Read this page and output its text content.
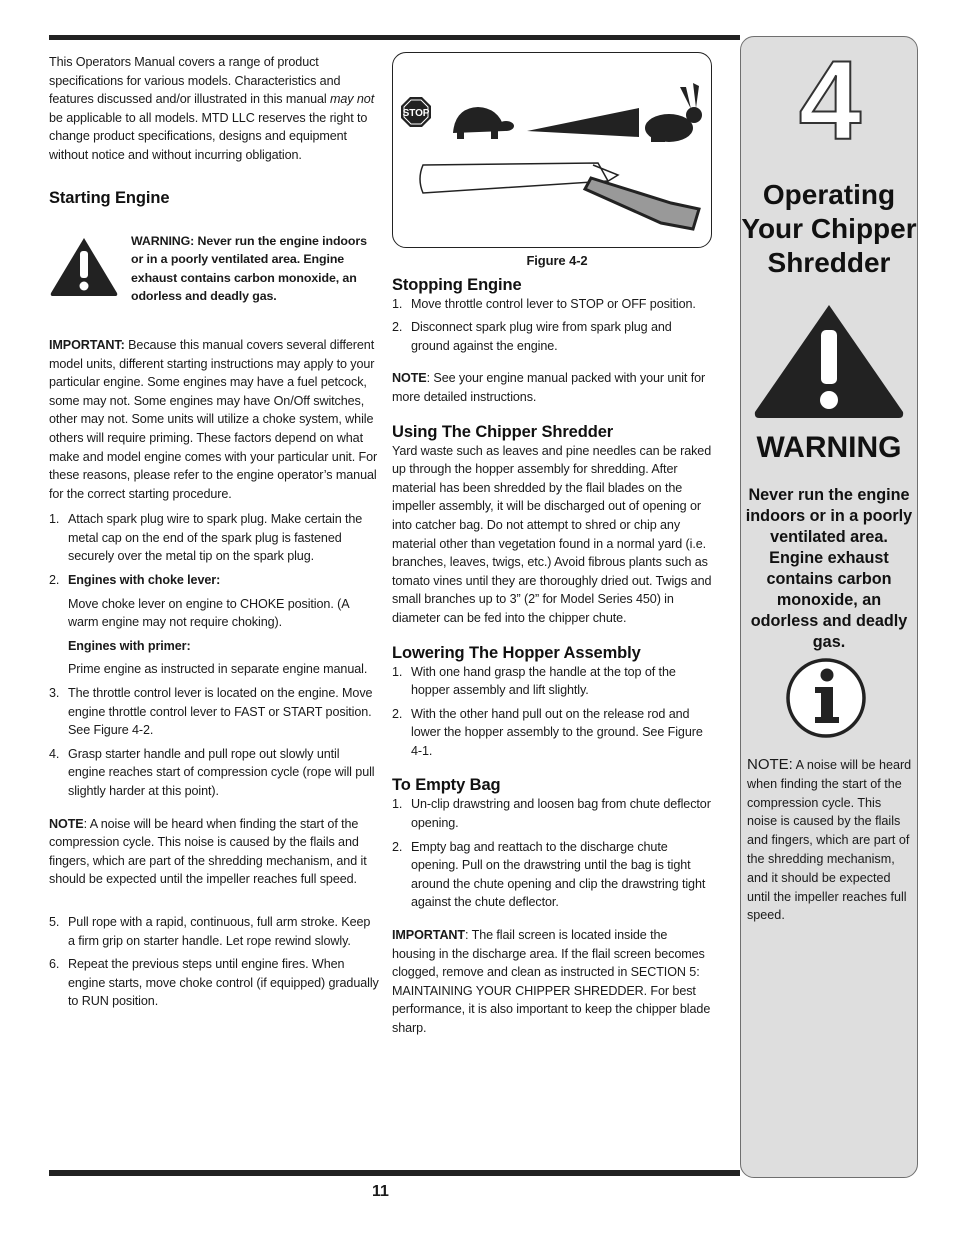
This Operators Manual covers a range of product specifications for various models. Characteristics and features discussed and/or illustrated in this manual may not be applicable to all models. MTD LLC reserves the right to change product specifications, designs and equipment without notice and without incurring obligation.

Starting Engine

WARNING: Never run the engine indoors or in a poorly ventilated area. Engine exhaust contains carbon monoxide, an odorless and deadly gas.

IMPORTANT: Because this manual covers several different model units, different starting instructions may apply to your particular engine. Some engines may have a fuel petcock, some may not. Some engines may have On/Off switches, other may not. Some units will utilize a choke system, while others will require priming. These factors depend on what make and model engine comes with your particular unit. For these reasons, please refer to the engine operator’s manual for the correct starting procedure.

1. Attach spark plug wire to spark plug. Make certain the metal cap on the end of the spark plug is fastened securely over the metal tip on the spark plug.
2. Engines with choke lever:

Move choke lever on engine to CHOKE position. (A warm engine may not require choking).

Engines with primer:

Prime engine as instructed in separate engine manual.

3. The throttle control lever is located on the engine. Move engine throttle control lever to FAST or START position. See Figure 4-2.
4. Grasp starter handle and pull rope out slowly until engine reaches start of compression cycle (rope will pull slightly harder at this point).

NOTE: A noise will be heard when finding the start of the compression cycle. This noise is caused by the flails and fingers, which are part of the shredding mechanism, and it should be expected until the impeller reaches full speed.

5. Pull rope with a rapid, continuous, full arm stroke. Keep a firm grip on starter handle. Let rope rewind slowly.
6. Repeat the previous steps until engine fires. When engine starts, move choke control (if equipped) gradually to RUN position.
STOP

Figure 4-2

Stopping Engine
1. Move throttle control lever to STOP or OFF position.
2. Disconnect spark plug wire from spark plug and ground against the engine.

NOTE: See your engine manual packed with your unit for more detailed instructions.

Using The Chipper Shredder

Yard waste such as leaves and pine needles can be raked up through the hopper assembly for shredding. After material has been shredded by the flail blades on the impeller assembly, it will be discharged out of opening or into catcher bag. Do not attempt to shred or chip any material other than vegetation found in a normal yard (i.e. branches, leaves, twigs, etc.) Avoid fibrous plants such as tomato vines until they are thoroughly dried out. Twigs and small branches up to 3” (2” for Model Series 450) in diameter can be fed into the chipper chute.

Lowering The Hopper Assembly
1. With one hand grasp the handle at the top of the hopper assembly and lift slightly.
2. With the other hand pull out on the release rod and lower the hopper assembly to the ground. See Figure 4-1.
To Empty Bag
1. Un-clip drawstring and loosen bag from chute deflector opening.
2. Empty bag and reattach to the discharge chute opening. Pull on the drawstring until the bag is tight around the chute opening and clip the drawstring tight against the chute deflector.

IMPORTANT: The flail screen is located inside the housing in the discharge area. If the flail screen becomes clogged, remove and clean as instructed in SECTION 5: MAINTAINING YOUR CHIPPER SHREDDER. For best performance, it is also important to keep the chipper blade sharp.

4
Operating Your Chipper Shredder
WARNING
Never run the engine indoors or in a poorly ventilated area. Engine exhaust contains carbon monoxide, an odorless and deadly gas.

NOTE: A noise will be heard when finding the start of the compression cycle. This noise is caused by the flails and fingers, which are part of the shredding mechanism, and it should be expected until the impeller reaches full speed.

11
